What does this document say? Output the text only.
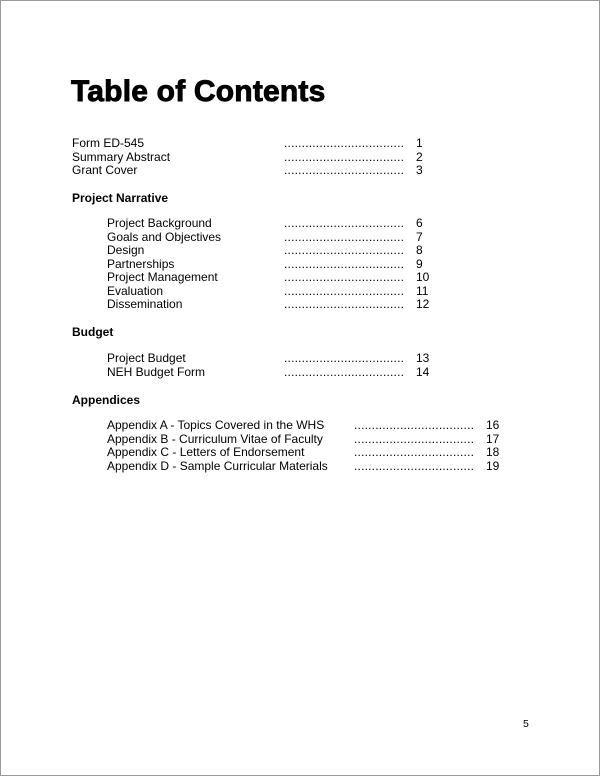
Table of Contents
Form ED-545	.................................. 1
Summary Abstract	.................................. 2
Grant Cover	.................................. 3
Project Narrative
Project Background	.................................. 6
Goals and Objectives	.................................. 7
Design	.................................. 8
Partnerships	.................................. 9
Project Management	.................................. 10
Evaluation	.................................. 11
Dissemination	.................................. 12
Budget
Project Budget	.................................. 13
NEH Budget Form	.................................. 14
Appendices
Appendix A - Topics Covered in the WHS .................................. 16
Appendix B - Curriculum Vitae of Faculty	.................................. 17
Appendix C - Letters of Endorsement	.................................. 18
Appendix D - Sample Curricular Materials .................................. 19
5
